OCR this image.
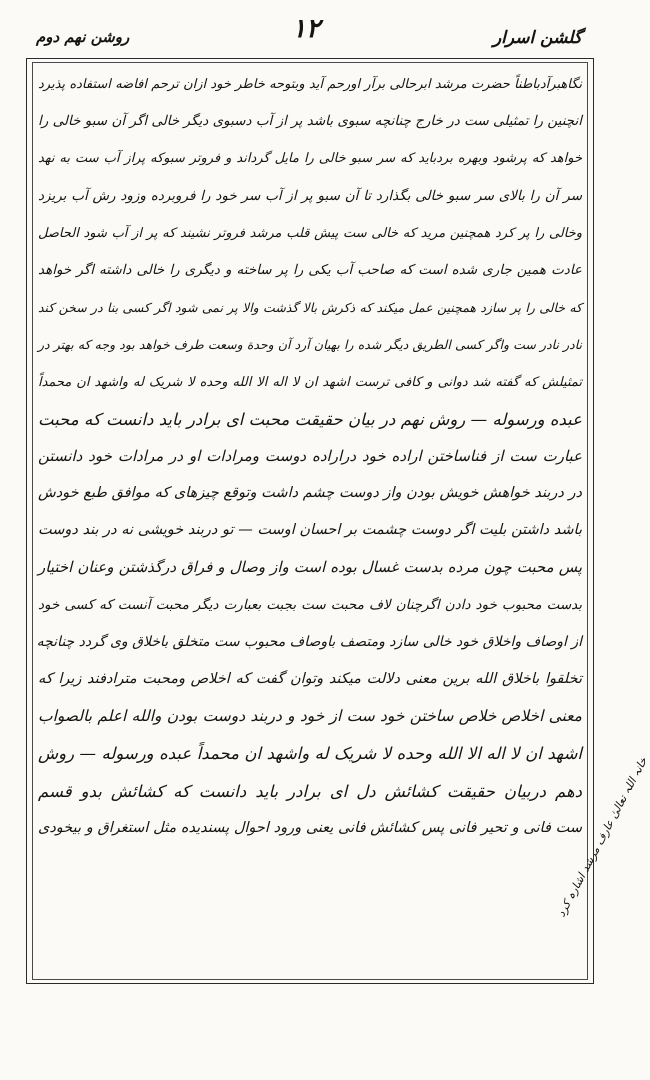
گلشن اسرار
۱۲
روشن نهم دوم
نگاهبرآدباطناً حضرت مرشد ابرحالی برآر اورحم آید وبتوحه خاطر خود ازان ترحم افاضه استفاده پذیرد
انچنین را تمثیلی ست در خارج چنانچه سبوی باشد پر از آب دسبوی دیگر خالی اگر آن سبو خالی را
خواهد که پرشود وبهره بردباید که سر سبو خالی را مایل گرداند و فروتر سبوکه پراز آب ست به نهد
سر آن را بالای سر سبو خالی بگذارد تا آن سبو پر از آب سر خود را فروبرده وزود رش آب بریزد
وخالی را پر کرد همچنین مرید که خالی ست پیش قلب مرشد فروتر نشیند که پر از آب شود الحاصل
عادت همین جاری شده است که صاحب آب یکی را پر ساخته و دیگری را خالی داشته اگر خواهد
که خالی را پر سازد همچنین عمل میکند که ذکرش بالا گذشت والا پر نمی شود اگر کسی بنا در سخن کند
نادر نادر ست واگر کسی الطریق دیگر شده را بهیان آرد آن وحدة وسعت طرف خواهد بود وجه که بهتر در
تمثیلش که گفته شد دوانی و کافی ترست اشهد ان لا اله الا الله وحده لا شریک له واشهد ان محمداً
عبده ورسوله — روش نهم در بیان حقیقت محبت ای برادر باید دانست که محبت
عبارت ست از فناساختن اراده خود دراراده دوست ومرادات او در مرادات خود دانستن
در دربند خواهش خویش بودن واز دوست چشم داشت وتوقع چیزهای که موافق طبع خودش
باشد داشتن بلیت اگر دوست چشمت بر احسان اوست — تو دربند خویشی نه در بند دوست
پس محبت چون مرده بدست غسال بوده است واز وصال و فراق درگذشتن وعنان اختیار
بدست محبوب خود دادن اگرچنان لاف محبت ست بجبت بعبارت دیگر محبت آنست که کسی خود
از اوصاف واخلاق خود خالی سازد ومتصف باوصاف محبوب ست متخلق باخلاق وی گردد چنانچه
تخلقوا باخلاق الله برین معنی دلالت میکند وتوان گفت که اخلاص ومحبت مترادفند زیرا که
معنی اخلاص خلاص ساختن خود ست از خود و دربند دوست بودن والله اعلم بالصواب
اشهد ان لا اله الا الله وحده لا شریک له واشهد ان محمداً عبده ورسوله — روش
دهم دربیان حقیقت کشائش دل ای برادر باید دانست که کشائش بدو قسم
ست فانی و تحیر فانی پس کشائش فانی یعنی ورود احوال پسندیده مثل استغراق و بیخودی
خانہ اللہ تعالیٰ عارف مرشد اشارہ کرد
